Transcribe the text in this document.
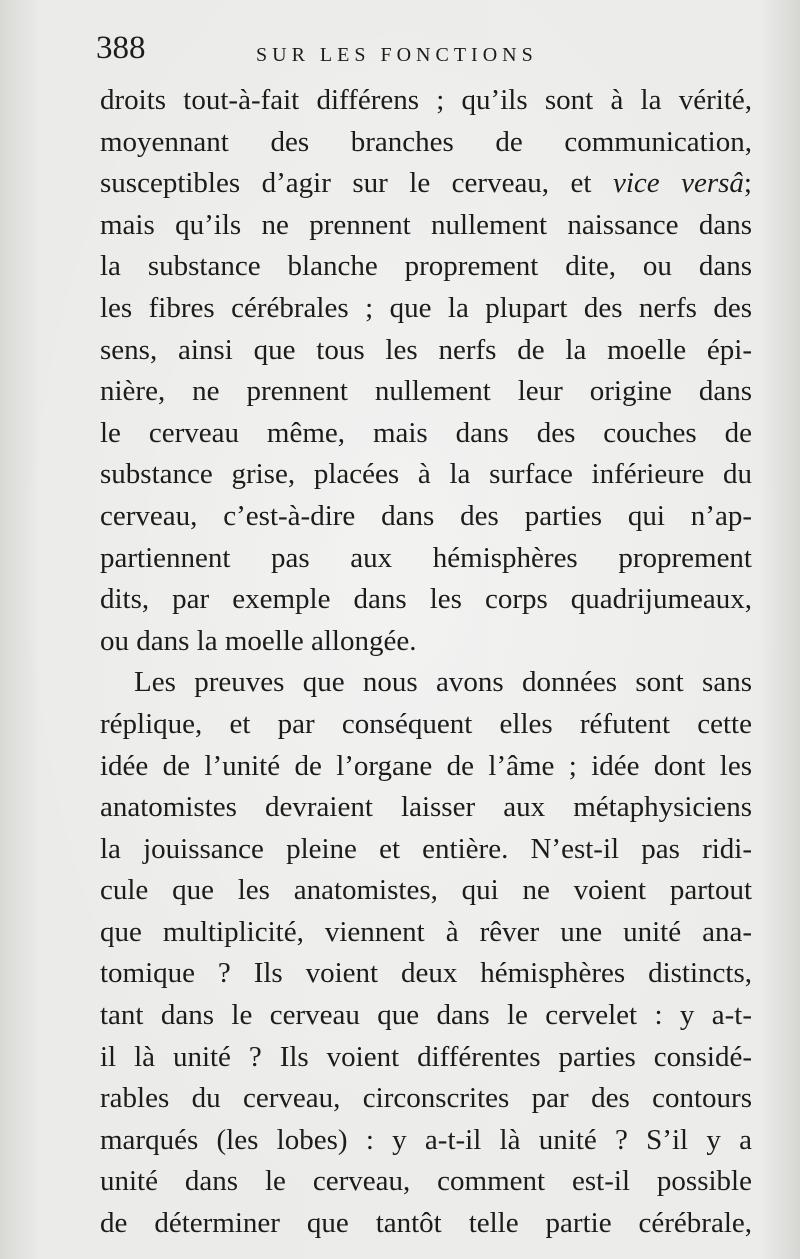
388	SUR LES FONCTIONS
droits tout-à-fait différens ; qu’ils sont à la vérité,
moyennant des branches de communication,
susceptibles d’agir sur le cerveau, et vice versâ;
mais qu’ils ne prennent nullement naissance dans
la substance blanche proprement dite, ou dans
les fibres cérébrales ; que la plupart des nerfs des
sens, ainsi que tous les nerfs de la moelle épi-
nière, ne prennent nullement leur origine dans
le cerveau même, mais dans des couches de
substance grise, placées à la surface inférieure du
cerveau, c’est-à-dire dans des parties qui n’ap-
partiennent pas aux hémisphères proprement
dits, par exemple dans les corps quadrijumeaux,
ou dans la moelle allongée.
Les preuves que nous avons données sont sans
réplique, et par conséquent elles réfutent cette
idée de l’unité de l’organe de l’âme ; idée dont les
anatomistes devraient laisser aux métaphysiciens
la jouissance pleine et entière. N’est-il pas ridi-
cule que les anatomistes, qui ne voient partout
que multiplicité, viennent à rêver une unité ana-
tomique ? Ils voient deux hémisphères distincts,
tant dans le cerveau que dans le cervelet : y a-t-
il là unité ? Ils voient différentes parties considé-
rables du cerveau, circonscrites par des contours
marqués (les lobes) : y a-t-il là unité ? S’il y a
unité dans le cerveau, comment est-il possible
de déterminer que tantôt telle partie cérébrale,
